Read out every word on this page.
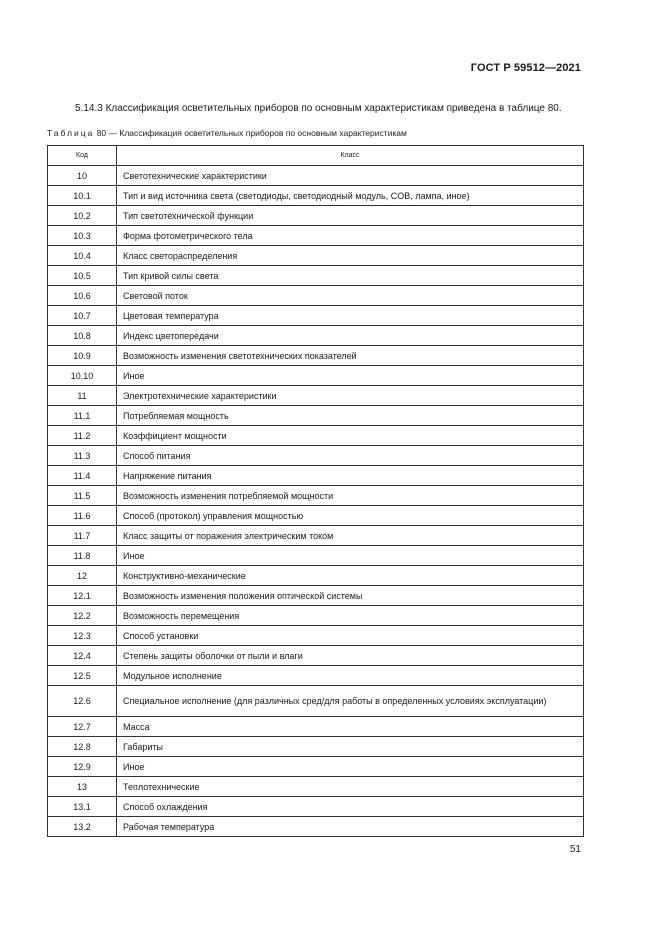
ГОСТ Р 59512—2021

5.14.3 Классификация осветительных приборов по основным характеристикам приведена в таблице 80.

Таблица 80 — Классификация осветительных приборов по основным характеристикам
Код	Класс
10	Светотехнические характеристики
10.1	Тип и вид источника света (светодиоды, светодиодный модуль, COB, лампа, иное)
10.2	Тип светотехнической функции
10.3	Форма фотометрического тела
10.4	Класс светораспределения
10.5	Тип кривой силы света
10.6	Световой поток
10.7	Цветовая температура
10.8	Индекс цветопередачи
10.9	Возможность изменения светотехнических показателей
10.10	Иное
11	Электротехнические характеристики
11.1	Потребляемая мощность
11.2	Коэффициент мощности
11.3	Способ питания
11.4	Напряжение питания
11.5	Возможность изменения потребляемой мощности
11.6	Способ (протокол) управления мощностью
11.7	Класс защиты от поражения электрическим током
11.8	Иное
12	Конструктивно-механические
12.1	Возможность изменения положения оптической системы
12.2	Возможность перемещения
12.3	Способ установки
12.4	Степень защиты оболочки от пыли и влаги
12.5	Модульное исполнение
12.6	Специальное исполнение (для различных сред/для работы в определенных условиях эксплуатации)
12.7	Масса
12.8	Габариты
12.9	Иное
13	Теплотехнические
13.1	Способ охлаждения
13.2	Рабочая температура
51
